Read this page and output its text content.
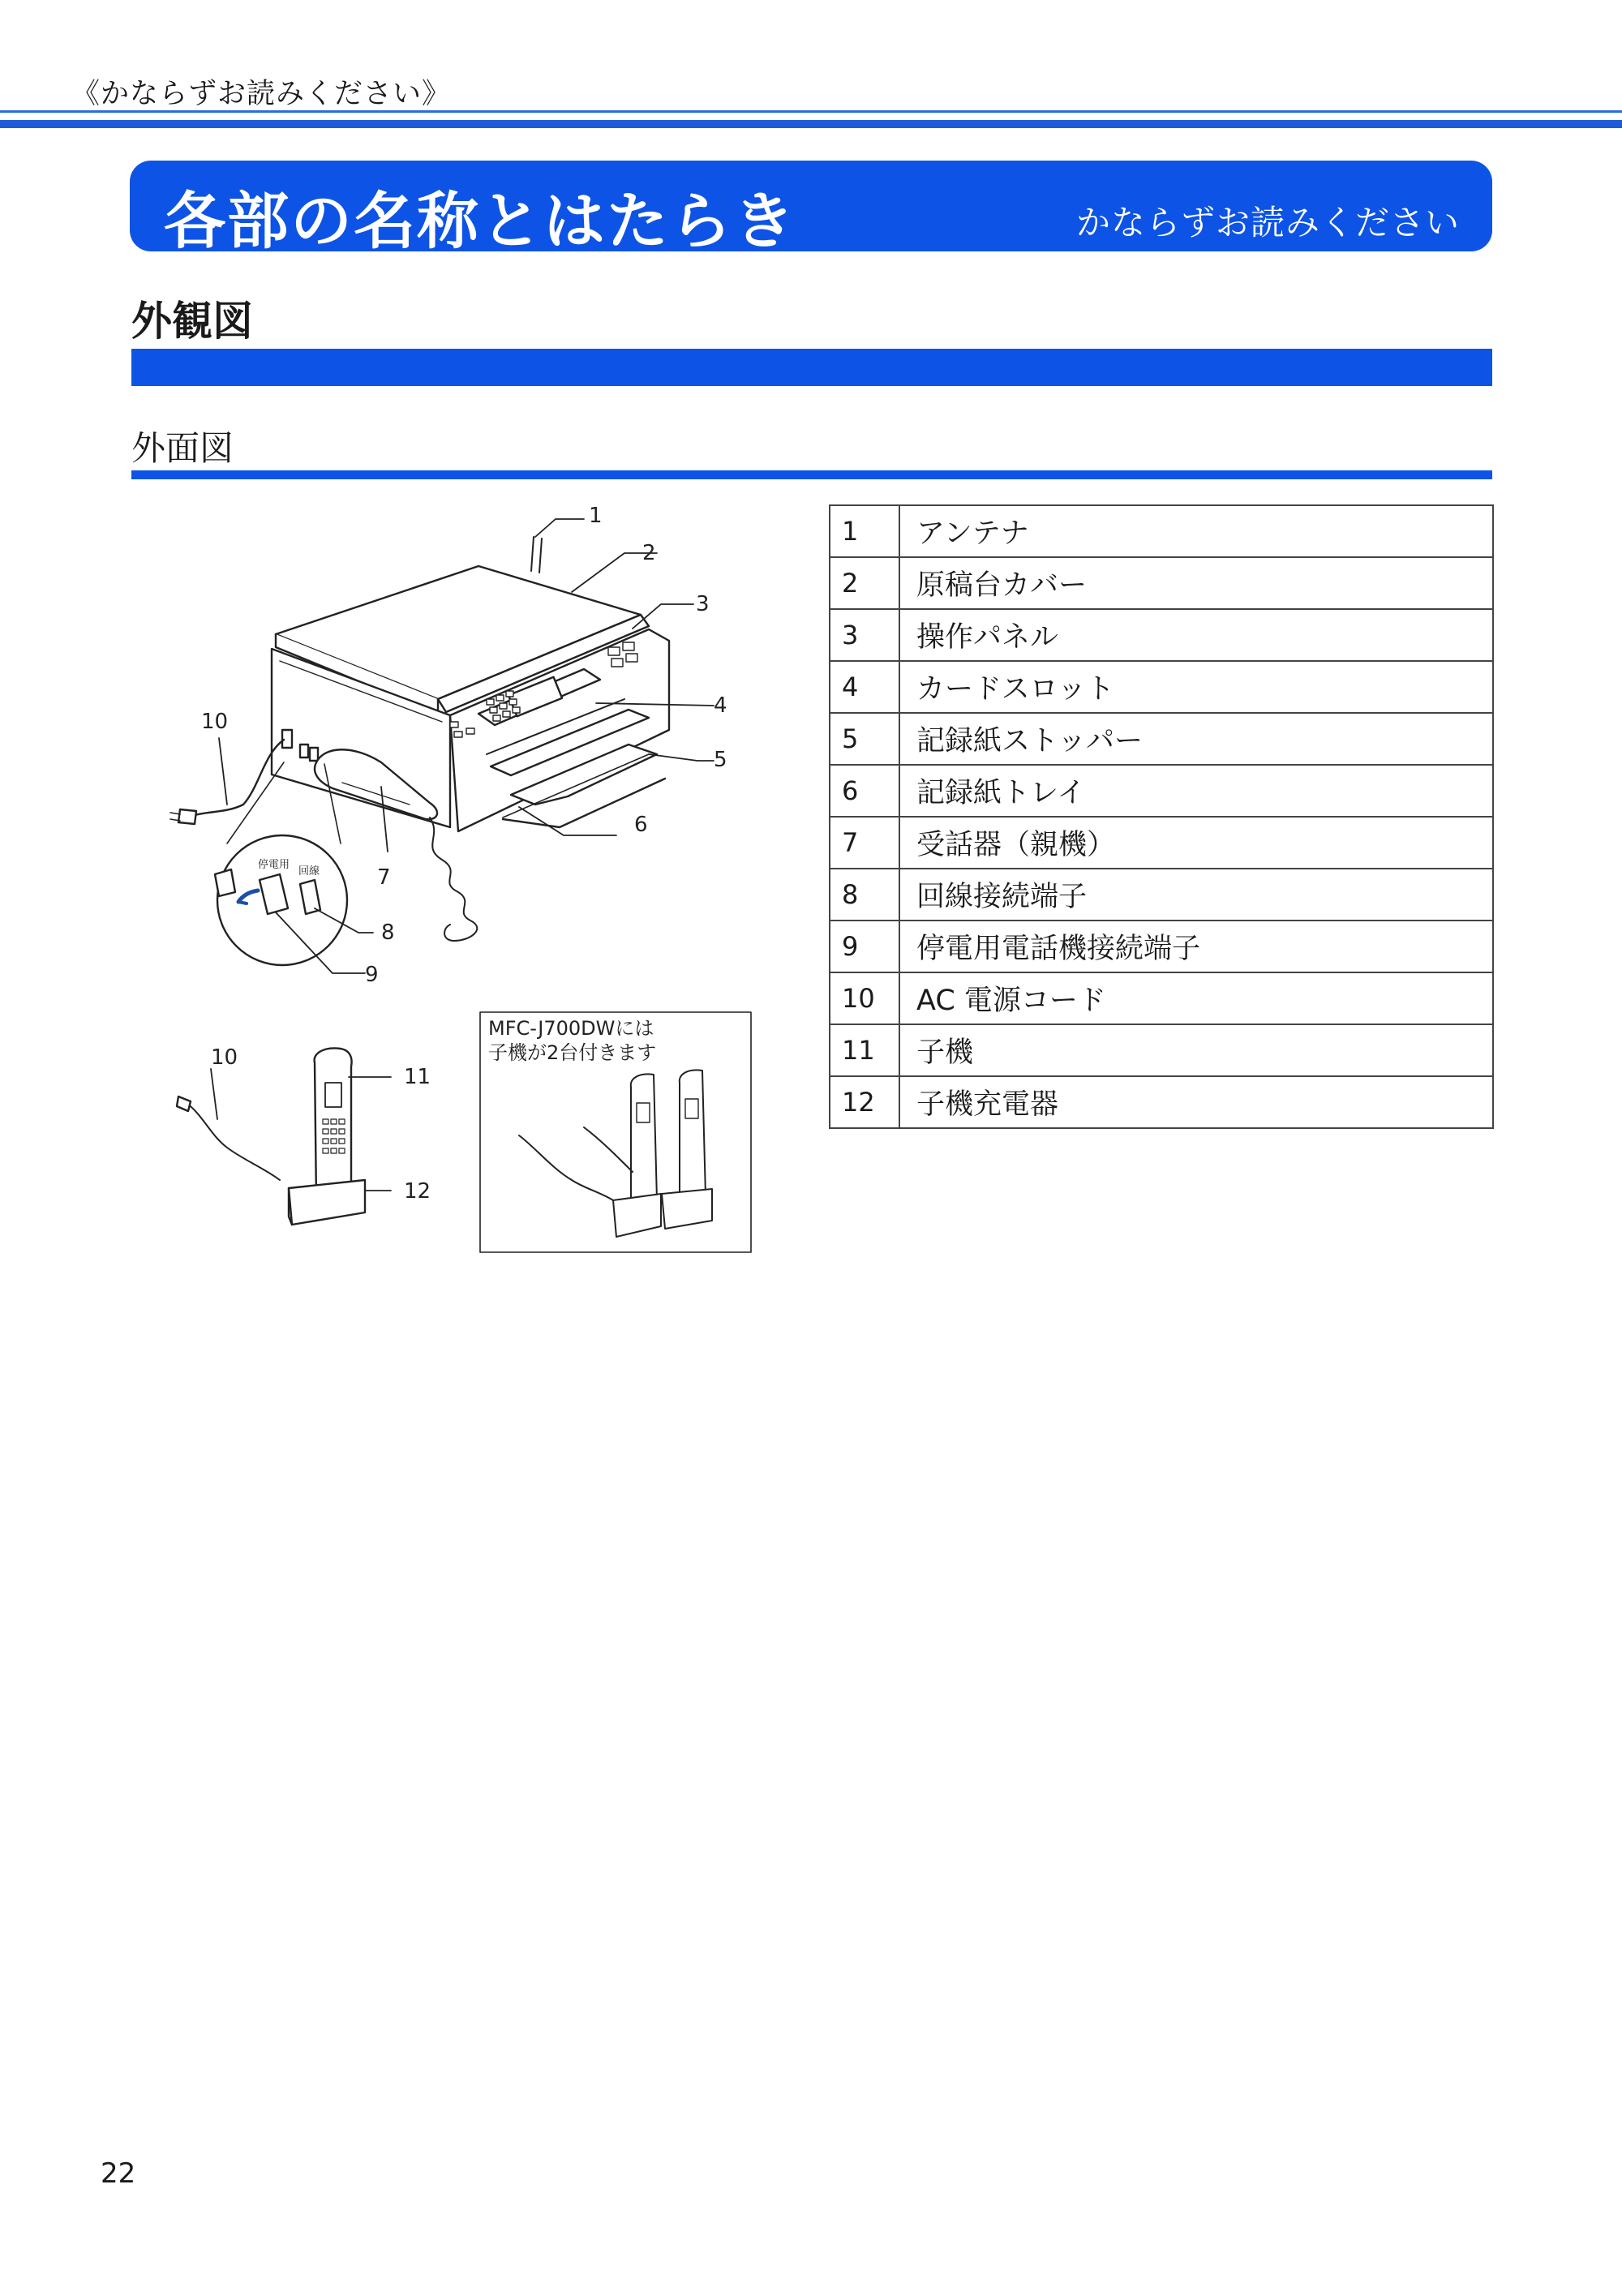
《かならずお読みください》
各部の名称とはたらき	かならずお読みください
外観図
外面図
1
2
3
4
5
6
7
8
9
10
10
11
12
停電用
回線
MFC-J700DWには
子機が2台付きます
1	アンテナ
2	原稿台カバー
3	操作パネル
4	カードスロット
5	記録紙ストッパー
6	記録紙トレイ
7	受話器（親機）
8	回線接続端子
9	停電用電話機接続端子
10	AC 電源コード
11	子機
12	子機充電器
22
